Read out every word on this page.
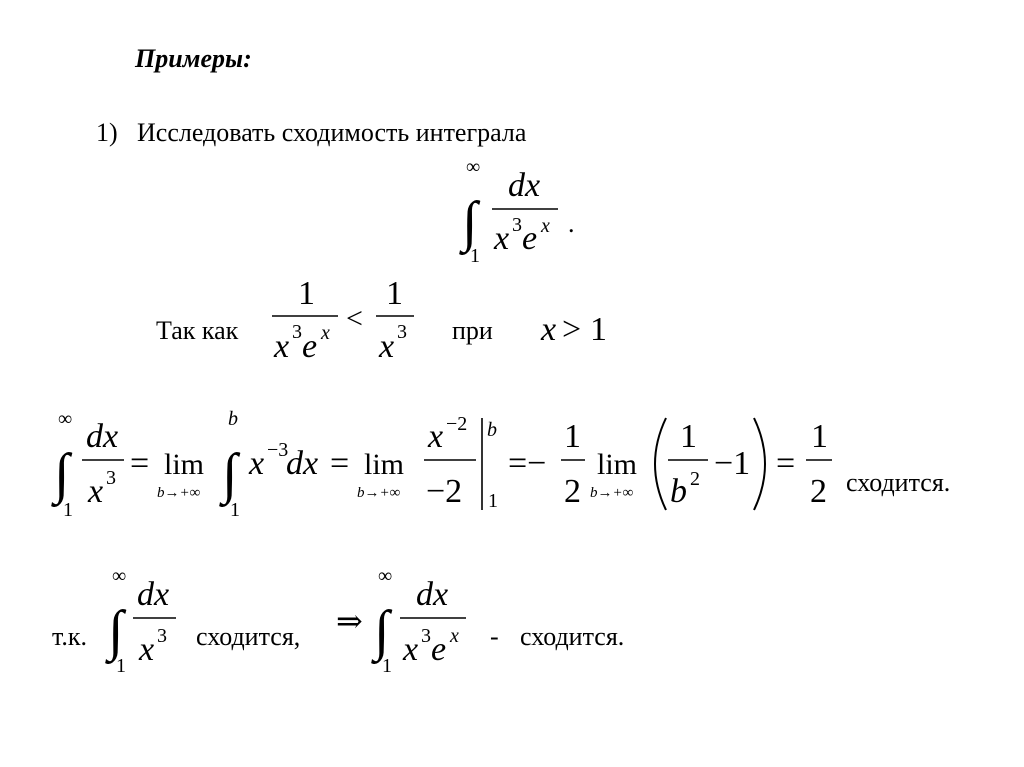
Примеры:
1) Исследовать сходимость интеграла
Так как	при
сходится.
т.к.	сходится,	- сходится.
∫
∞
1
dx
x 3 e x .
1
x 3 e x <
1
x 3	x > 1
∫
∞
1
dx
x 3 = lim
b→+∞ ∫
b
1
x −3
dx = lim
b→+∞
x −2
−2
b
1
=−
1
2
lim
b→+∞
1
b 2 −1 =
1
2
∫
∞
1
dx
x 3	⇒ ∫
∞
1
dx
x 3 e x
